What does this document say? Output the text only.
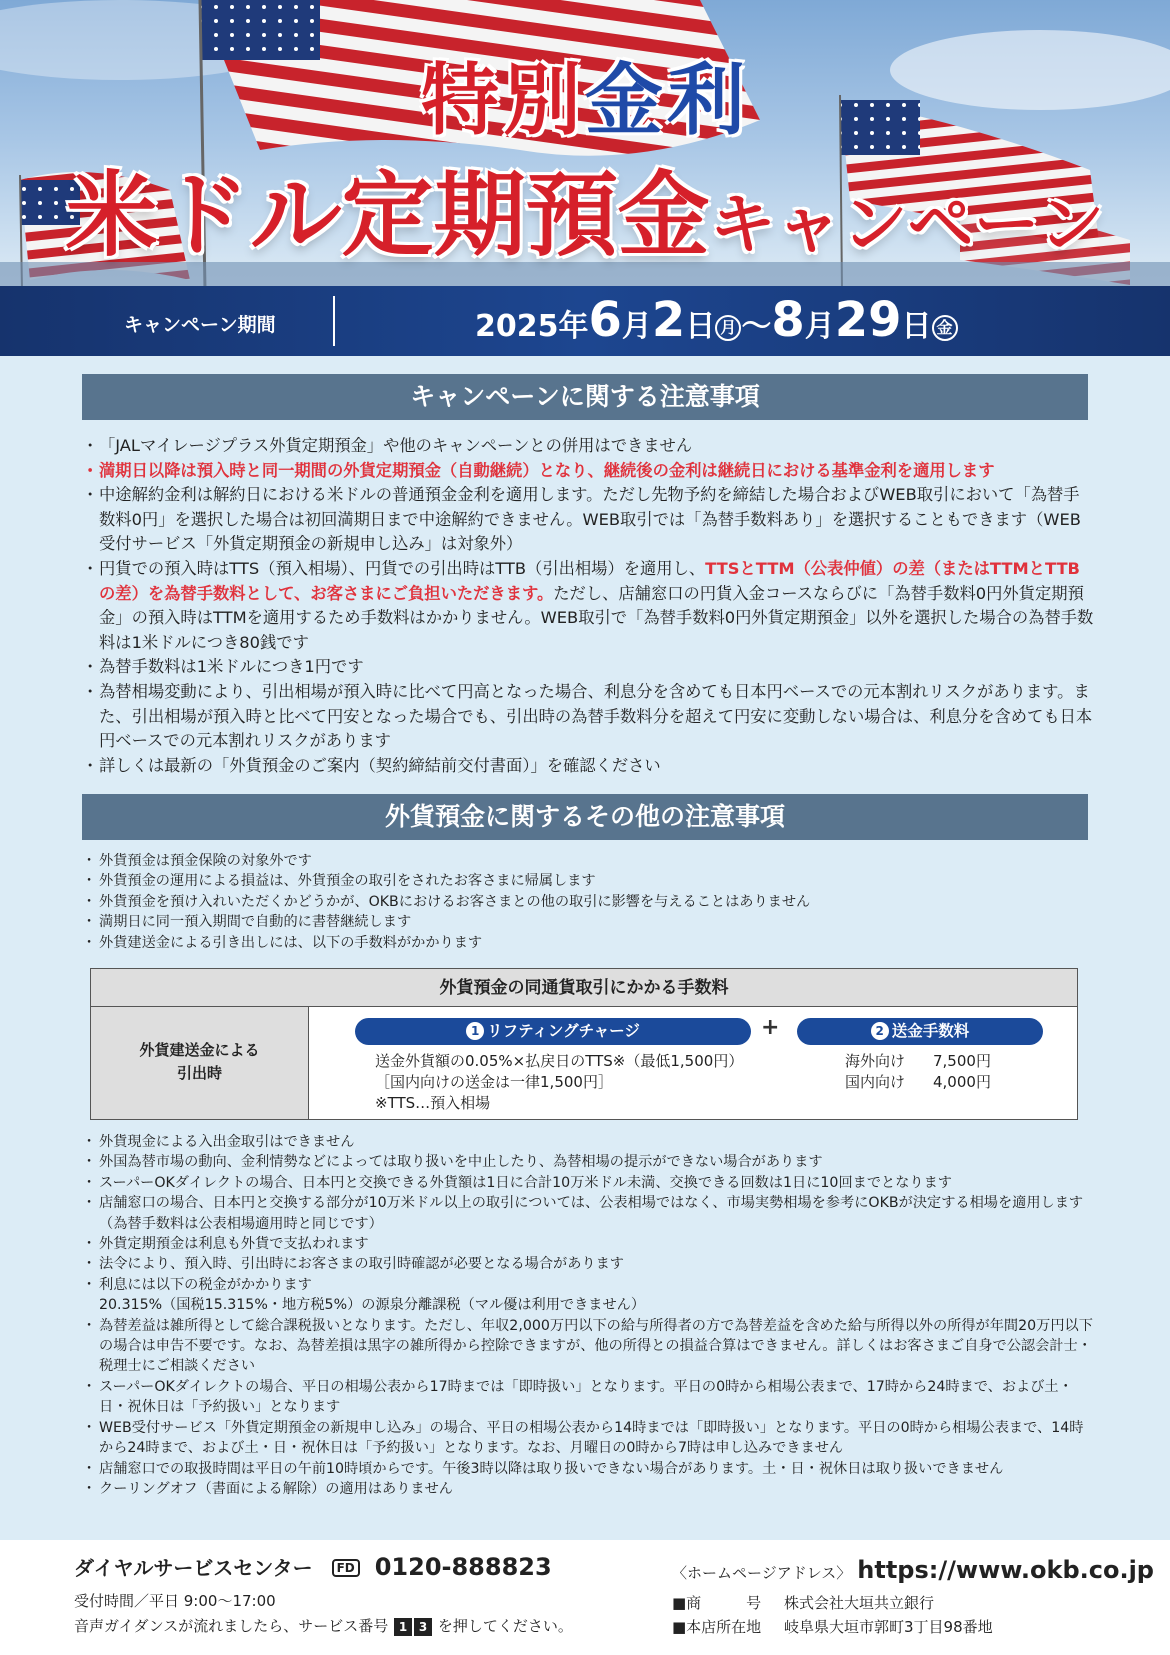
特別金利
米ドル定期預金キャンペーン
キャンペーン期間	2025年6月2日 月 ～8月29日 金
キャンペーンに関する注意事項
・ 「JALマイレージプラス外貨定期預金」や他のキャンペーンとの併用はできません
・ 満期日以降は預入時と同一期間の外貨定期預金（自動継続）となり、継続後の金利は継続日における基準金利を適用します
・ 中途解約金利は解約日における米ドルの普通預金金利を適用します。ただし先物予約を締結した場合およびWEB取引において「為替手数料0円」を選択した場合は初回満期日まで中途解約できません。WEB取引では「為替手数料あり」を選択することもできます（WEB受付サービス「外貨定期預金の新規申し込み」は対象外）
・ 円貨での預入時はTTS（預入相場）、円貨での引出時はTTB（引出相場）を適用し、TTSとTTM（公表仲値）の差（またはTTMとTTBの差）を為替手数料として、お客さまにご負担いただきます。ただし、店舗窓口の円貨入金コースならびに「為替手数料0円外貨定期預金」の預入時はTTMを適用するため手数料はかかりません。WEB取引で「為替手数料0円外貨定期預金」以外を選択した場合の為替手数料は1米ドルにつき80銭です
・ 為替手数料は1米ドルにつき1円です
・ 為替相場変動により、引出相場が預入時に比べて円高となった場合、利息分を含めても日本円ベースでの元本割れリスクがあります。また、引出相場が預入時と比べて円安となった場合でも、引出時の為替手数料分を超えて円安に変動しない場合は、利息分を含めても日本円ベースでの元本割れリスクがあります
・ 詳しくは最新の「外貨預金のご案内（契約締結前交付書面）」を確認ください
外貨預金に関するその他の注意事項
・ 外貨預金は預金保険の対象外です
・ 外貨預金の運用による損益は、外貨預金の取引をされたお客さまに帰属します
・ 外貨預金を預け入れいただくかどうかが、OKBにおけるお客さまとの他の取引に影響を与えることはありません
・ 満期日に同一預入期間で自動的に書替継続します
・ 外貨建送金による引き出しには、以下の手数料がかかります
外貨預金の同通貨取引にかかる手数料
外貨建送金による
引出時
1 リフティングチャージ	+	2 送金手数料
送金外貨額の0.05%×払戻日のTTS※（最低1,500円）
［国内向けの送金は一律1,500円］
※TTS…預入相場
海外向け	7,500円
国内向け	4,000円
・ 外貨現金による入出金取引はできません
・ 外国為替市場の動向、金利情勢などによっては取り扱いを中止したり、為替相場の提示ができない場合があります
・ スーパーOKダイレクトの場合、日本円と交換できる外貨額は1日に合計10万米ドル未満、交換できる回数は1日に10回までとなります
・ 店舗窓口の場合、日本円と交換する部分が10万米ドル以上の取引については、公表相場ではなく、市場実勢相場を参考にOKBが決定する相場を適用します（為替手数料は公表相場適用時と同じです）
・ 外貨定期預金は利息も外貨で支払われます
・ 法令により、預入時、引出時にお客さまの取引時確認が必要となる場合があります
・ 利息には以下の税金がかかります
20.315%（国税15.315%・地方税5%）の源泉分離課税（マル優は利用できません）
・ 為替差益は雑所得として総合課税扱いとなります。ただし、年収2,000万円以下の給与所得者の方で為替差益を含めた給与所得以外の所得が年間20万円以下の場合は申告不要です。なお、為替差損は黒字の雑所得から控除できますが、他の所得との損益合算はできません。詳しくはお客さまご自身で公認会計士・税理士にご相談ください
・ スーパーOKダイレクトの場合、平日の相場公表から17時までは「即時扱い」となります。平日の0時から相場公表まで、17時から24時まで、および土・日・祝休日は「予約扱い」となります
・ WEB受付サービス「外貨定期預金の新規申し込み」の場合、平日の相場公表から14時までは「即時扱い」となります。平日の0時から相場公表まで、14時から24時まで、および土・日・祝休日は「予約扱い」となります。なお、月曜日の0時から7時は申し込みできません
・ 店舗窓口での取扱時間は平日の午前10時頃からです。午後3時以降は取り扱いできない場合があります。土・日・祝休日は取り扱いできません
・ クーリングオフ（書面による解除）の適用はありません
ダイヤルサービスセンター FD 0120-888823
受付時間／平日 9:00～17:00
音声ガイダンスが流れましたら、サービス番号 1 3 を押してください。
〈ホームページアドレス〉 https://www.okb.co.jp
■商　　　号 株式会社大垣共立銀行
■本店所在地 岐阜県大垣市郭町3丁目98番地
